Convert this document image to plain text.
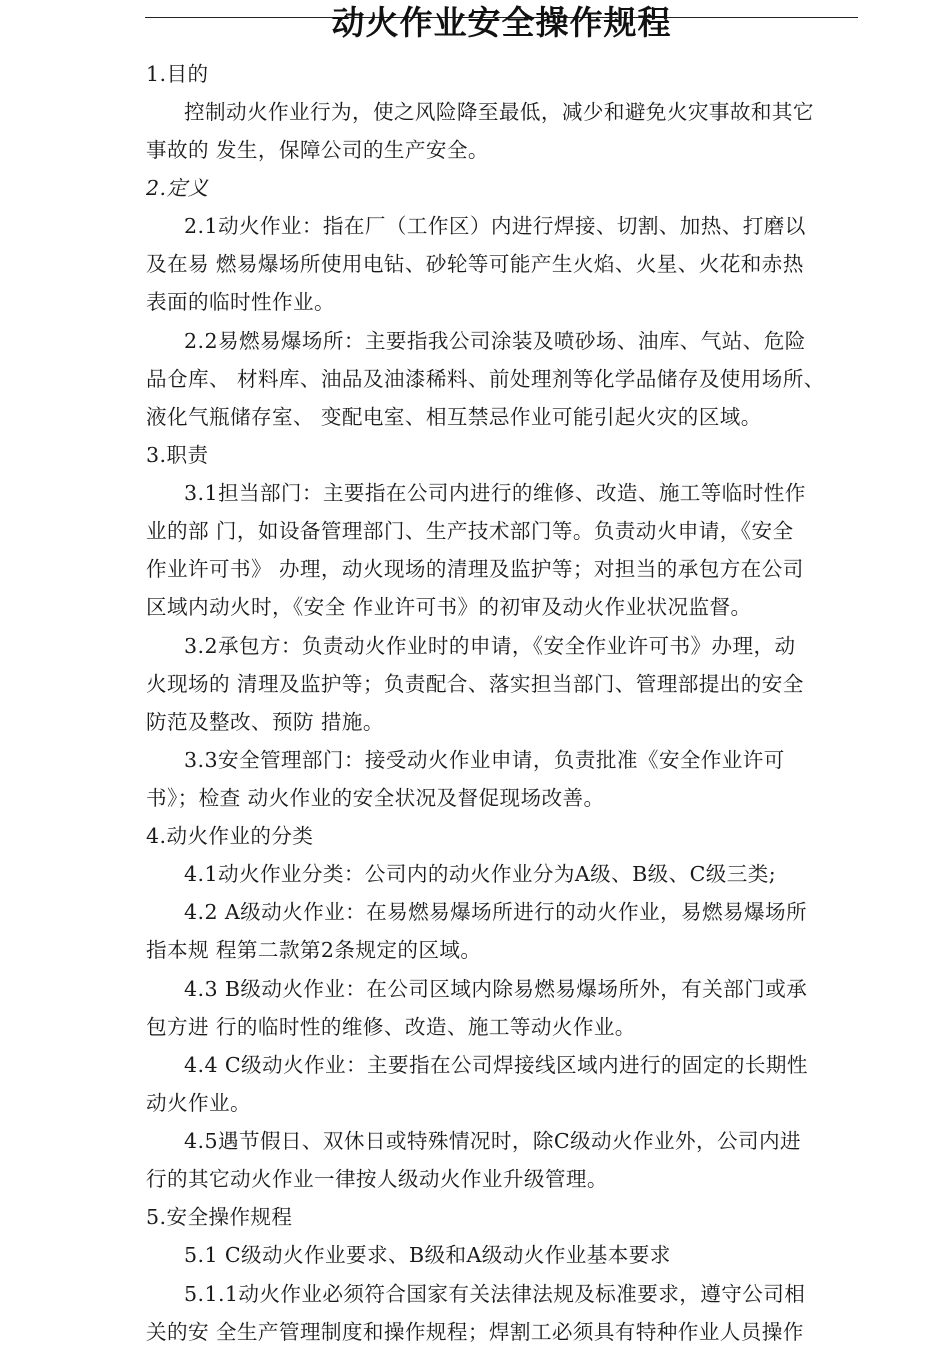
动火作业安全操作规程
1.目的
控制动火作业行为，使之风险降至最低，减少和避免火灾事故和其它
事故的 发生，保障公司的生产安全。
2.定义
2.1动火作业：指在厂（工作区）内进行焊接、切割、加热、打磨以
及在易 燃易爆场所使用电钻、砂轮等可能产生火焰、火星、火花和赤热
表面的临时性作业。
2.2易燃易爆场所：主要指我公司涂装及喷砂场、油库、气站、危险
品仓库、 材料库、油品及油漆稀料、前处理剂等化学品储存及使用场所、
液化气瓶储存室、 变配电室、相互禁忌作业可能引起火灾的区域。
3.职责
3.1担当部门：主要指在公司内进行的维修、改造、施工等临时性作
业的部 门，如设备管理部门、生产技术部门等。负责动火申请，《安全
作业许可书》 办理，动火现场的清理及监护等；对担当的承包方在公司
区域内动火时，《安全 作业许可书》的初审及动火作业状况监督。
3.2承包方：负责动火作业时的申请，《安全作业许可书》办理，动
火现场的 清理及监护等；负责配合、落实担当部门、管理部提出的安全
防范及整改、预防 措施。
3.3安全管理部门：接受动火作业申请，负责批准《安全作业许可
书》；检查 动火作业的安全状况及督促现场改善。
4.动火作业的分类
4.1动火作业分类：公司内的动火作业分为A级、B级、C级三类;
4.2 A级动火作业：在易燃易爆场所进行的动火作业，易燃易爆场所
指本规 程第二款第2条规定的区域。
4.3 B级动火作业：在公司区域内除易燃易爆场所外，有关部门或承
包方进 行的临时性的维修、改造、施工等动火作业。
4.4 C级动火作业：主要指在公司焊接线区域内进行的固定的长期性
动火作业。
4.5遇节假日、双休日或特殊情况时，除C级动火作业外，公司内进
行的其它动火作业一律按人级动火作业升级管理。
5.安全操作规程
5.1 C级动火作业要求、B级和A级动火作业基本要求
5.1.1动火作业必须符合国家有关法律法规及标准要求，遵守公司相
关的安 全生产管理制度和操作规程；焊割工必须具有特种作业人员操作
